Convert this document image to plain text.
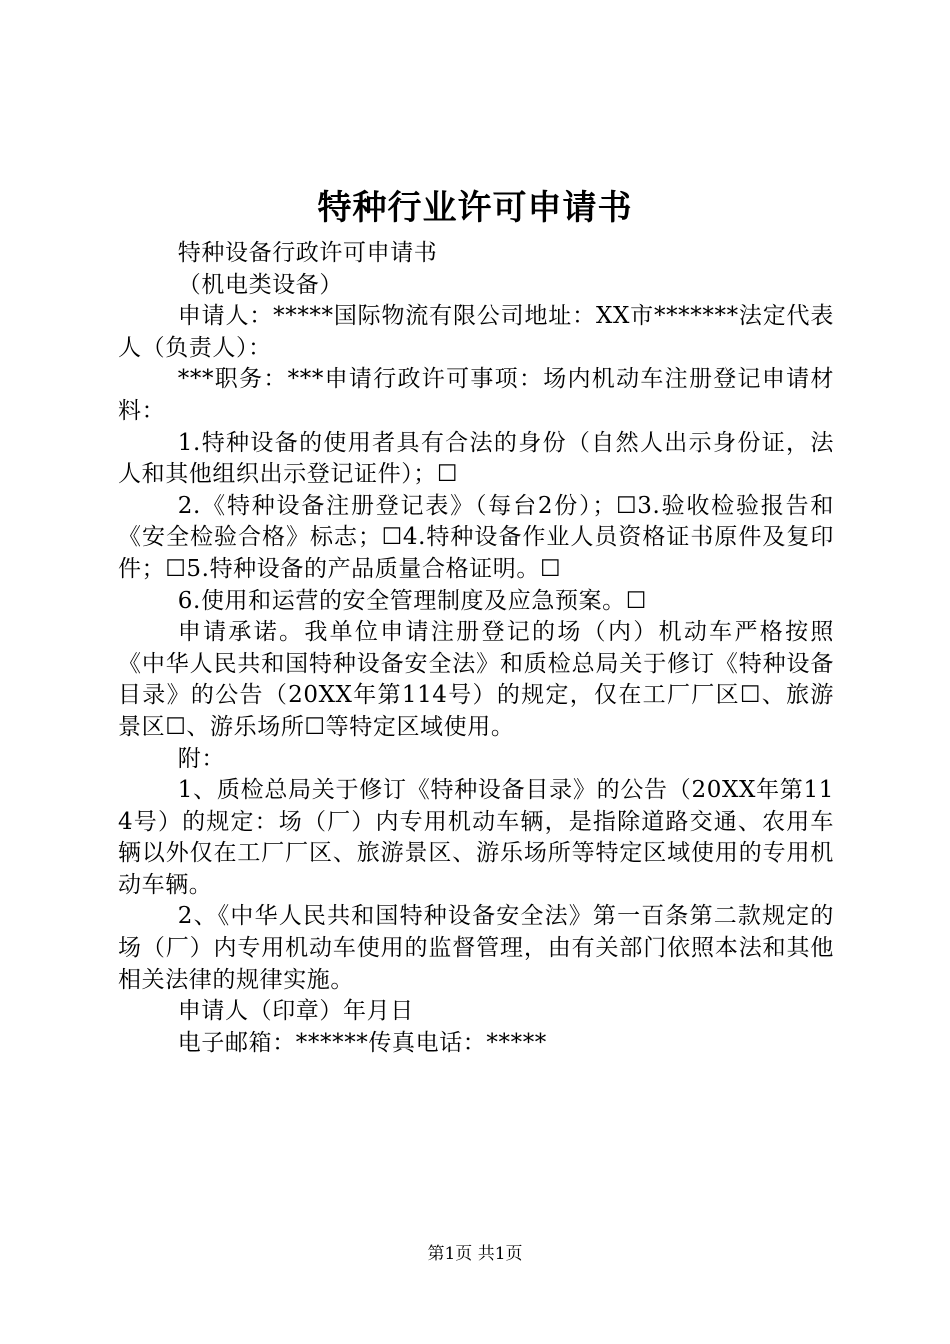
特种行业许可申请书

特种设备行政许可申请书

（机电类设备）

申请人：*****国际物流有限公司地址：XX市*******法定代表人（负责人）：

***职务：***申请行政许可事项：场内机动车注册登记申请材料：

1.特种设备的使用者具有合法的身份（自然人出示身份证，法人和其他组织出示登记证件）；☐

2.《特种设备注册登记表》（每台2份）；☐3.验收检验报告和《安全检验合格》标志；☐4.特种设备作业人员资格证书原件及复印件；☐5.特种设备的产品质量合格证明。☐

6.使用和运营的安全管理制度及应急预案。☐

申请承诺。我单位申请注册登记的场（内）机动车严格按照《中华人民共和国特种设备安全法》和质检总局关于修订《特种设备目录》的公告（20XX年第114号）的规定，仅在工厂厂区☐、旅游景区☐、游乐场所☐等特定区域使用。

附：

1、质检总局关于修订《特种设备目录》的公告（20XX年第114号）的规定：场（厂）内专用机动车辆，是指除道路交通、农用车辆以外仅在工厂厂区、旅游景区、游乐场所等特定区域使用的专用机动车辆。

2、《中华人民共和国特种设备安全法》第一百条第二款规定的场（厂）内专用机动车使用的监督管理，由有关部门依照本法和其他相关法律的规律实施。

申请人（印章）年月日

电子邮箱：******传真电话：*****

第1页 共1页
